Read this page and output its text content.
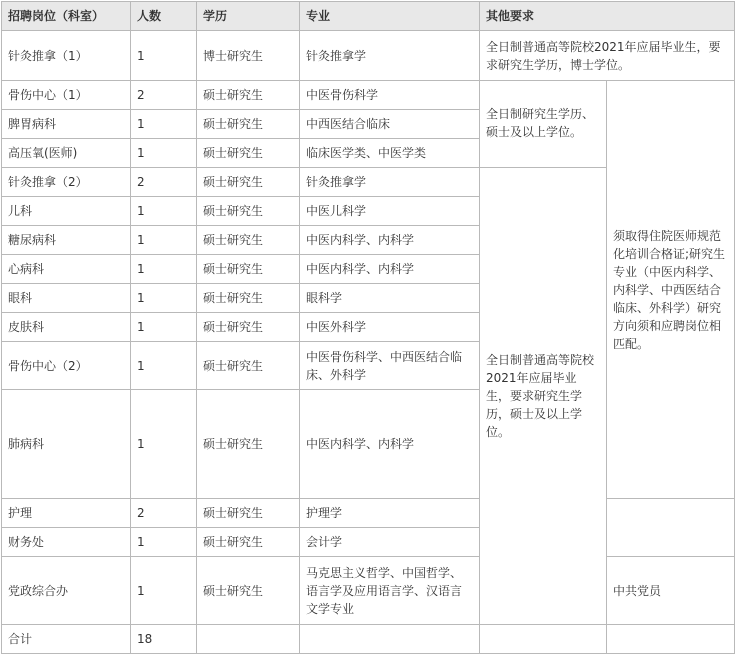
招聘岗位（科室）	人数	学历	专业	其他要求		
针灸推拿（1）	1	博士研究生	针灸推拿学	全日制普通高等院校2021年应届毕业生，要求研究生学历，博士学位。		
骨伤中心（1）	2	硕士研究生	中医骨伤科学	全日制研究生学历、硕士及以上学位。	须取得住院医师规范化培训合格证;研究生专业（中医内科学、内科学、中西医结合临床、外科学）研究方向须和应聘岗位相匹配。	
脾胃病科	1	硕士研究生	中西医结合临床			
高压氧(医师)	1	硕士研究生	临床医学类、中医学类			
针灸推拿（2）	2	硕士研究生	针灸推拿学	全日制普通高等院校2021年应届毕业生，要求研究生学历，硕士及以上学位。		
儿科	1	硕士研究生	中医儿科学			
糖尿病科	1	硕士研究生	中医内科学、内科学			
心病科	1	硕士研究生	中医内科学、内科学			
眼科	1	硕士研究生	眼科学			
皮肤科	1	硕士研究生	中医外科学			
骨伤中心（2）	1	硕士研究生	中医骨伤科学、中西医结合临床、外科学			
肺病科	1	硕士研究生	中医内科学、内科学	
护理	2	硕士研究生	护理学			
财务处	1	硕士研究生	会计学			
党政综合办	1	硕士研究生	马克思主义哲学、中国哲学、语言学及应用语言学、汉语言文学专业		中共党员	
合计	18					
